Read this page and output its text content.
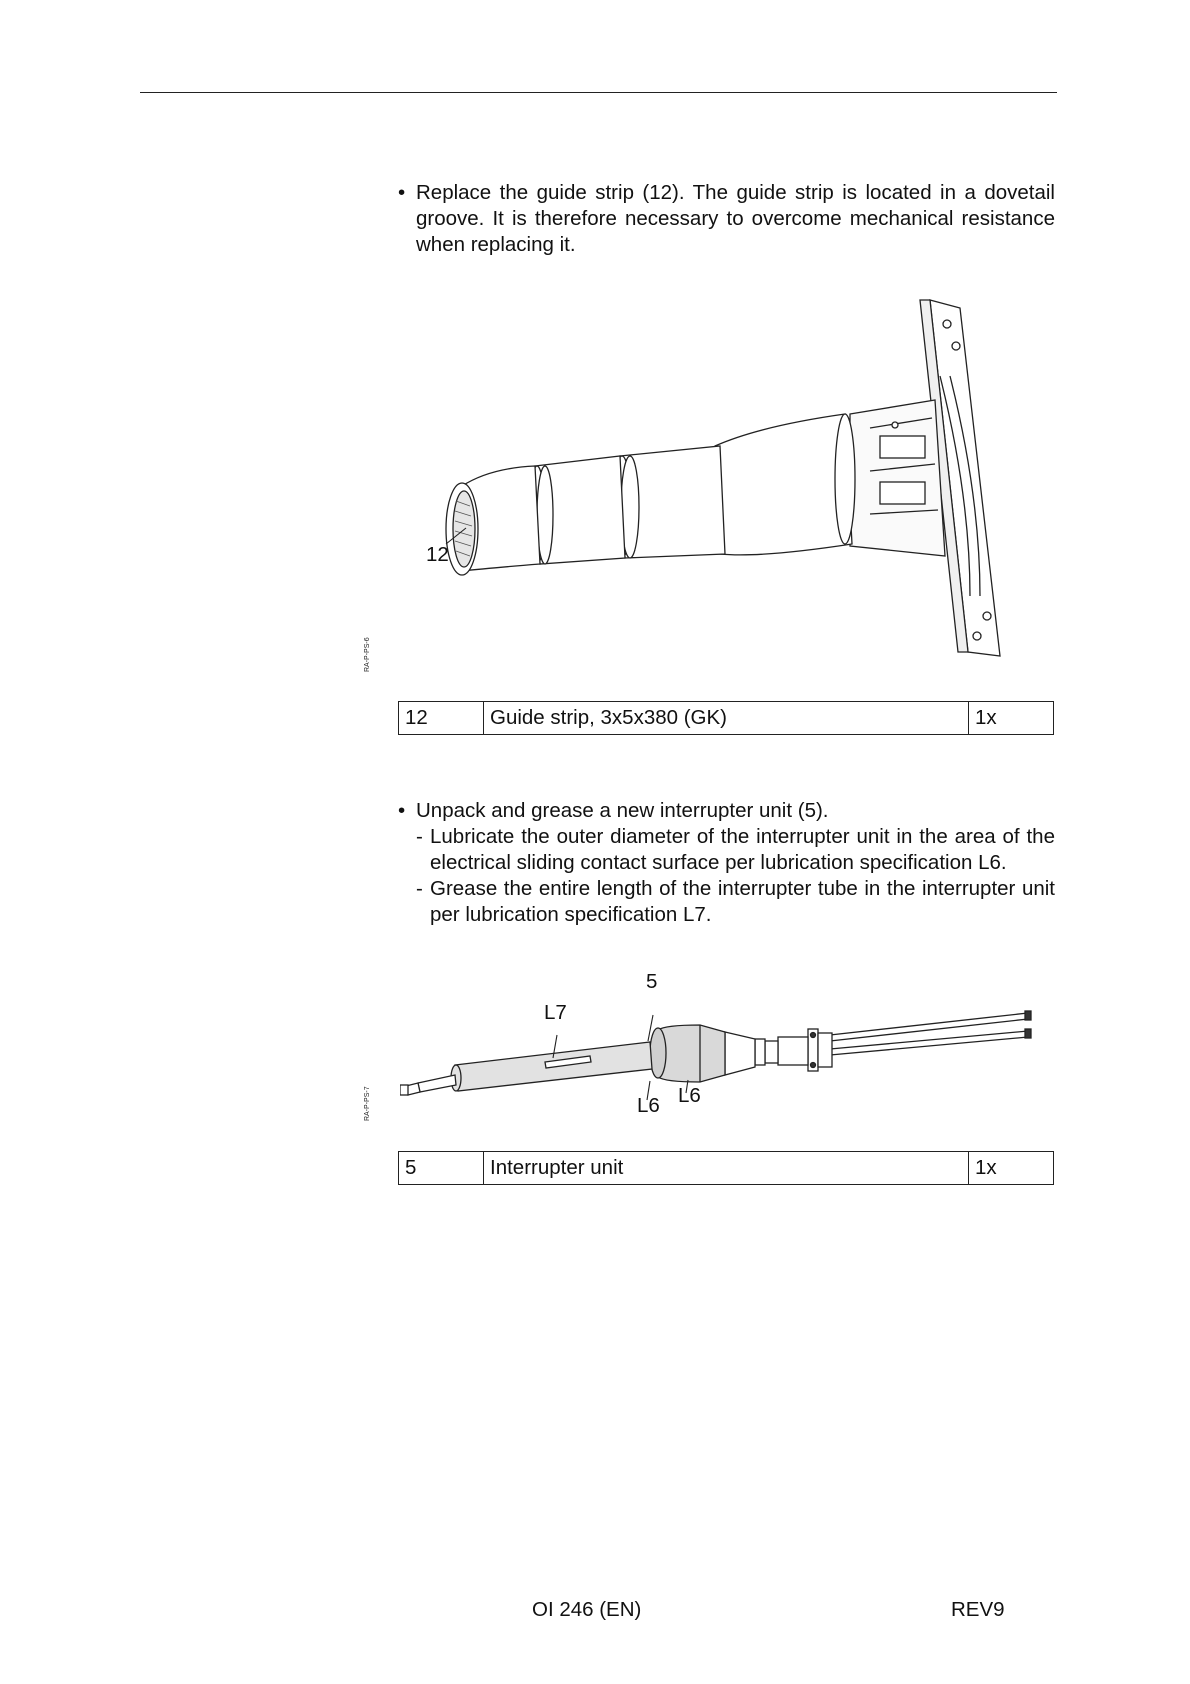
• Replace the guide strip (12). The guide strip is located in a dovetail groove. It is therefore necessary to overcome mechanical resistance when replacing it.
12
RA-P-PS-6
12	Guide strip, 3x5x380 (GK)	1x
• Unpack and grease a new interrupter unit (5).
- Lubricate the outer diameter of the interrupter unit in the area of the electrical sliding contact surface per lubrication specification L6.
- Grease the entire length of the interrupter tube in the interrupter unit per lubrication specification L7.
5
L7
L6 L6
RA-P-PS-7
5	Interrupter unit	1x
OI 246 (EN)	REV9
